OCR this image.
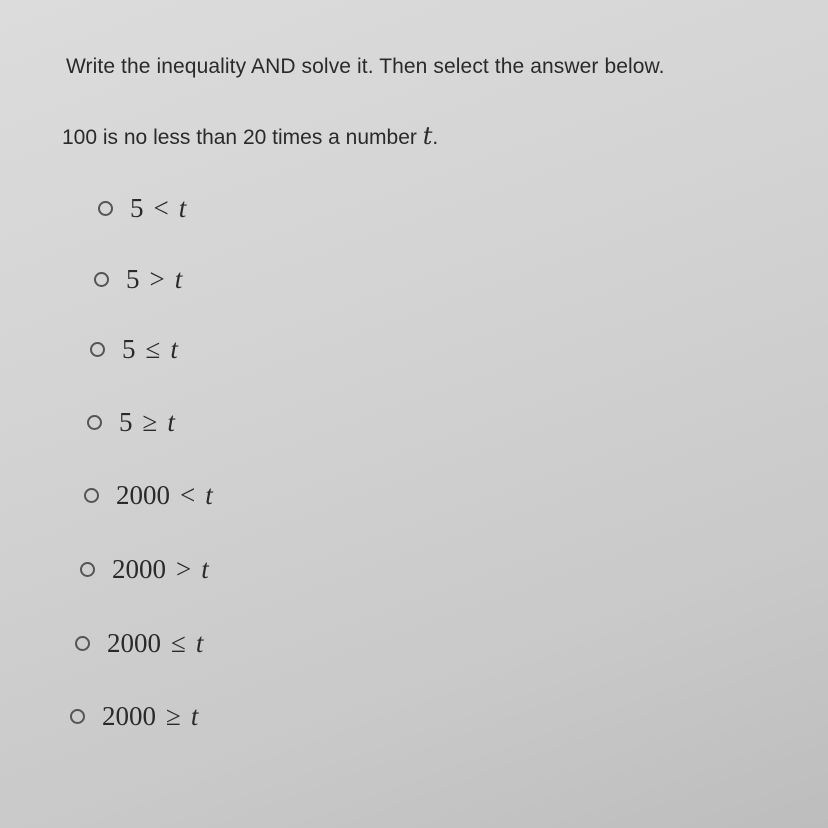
Write the inequality AND solve it. Then select the answer below.
100 is no less than 20 times a number t.
5 < t
5 > t
5 ≤ t
5 ≥ t
2000 < t
2000 > t
2000 ≤ t
2000 ≥ t
